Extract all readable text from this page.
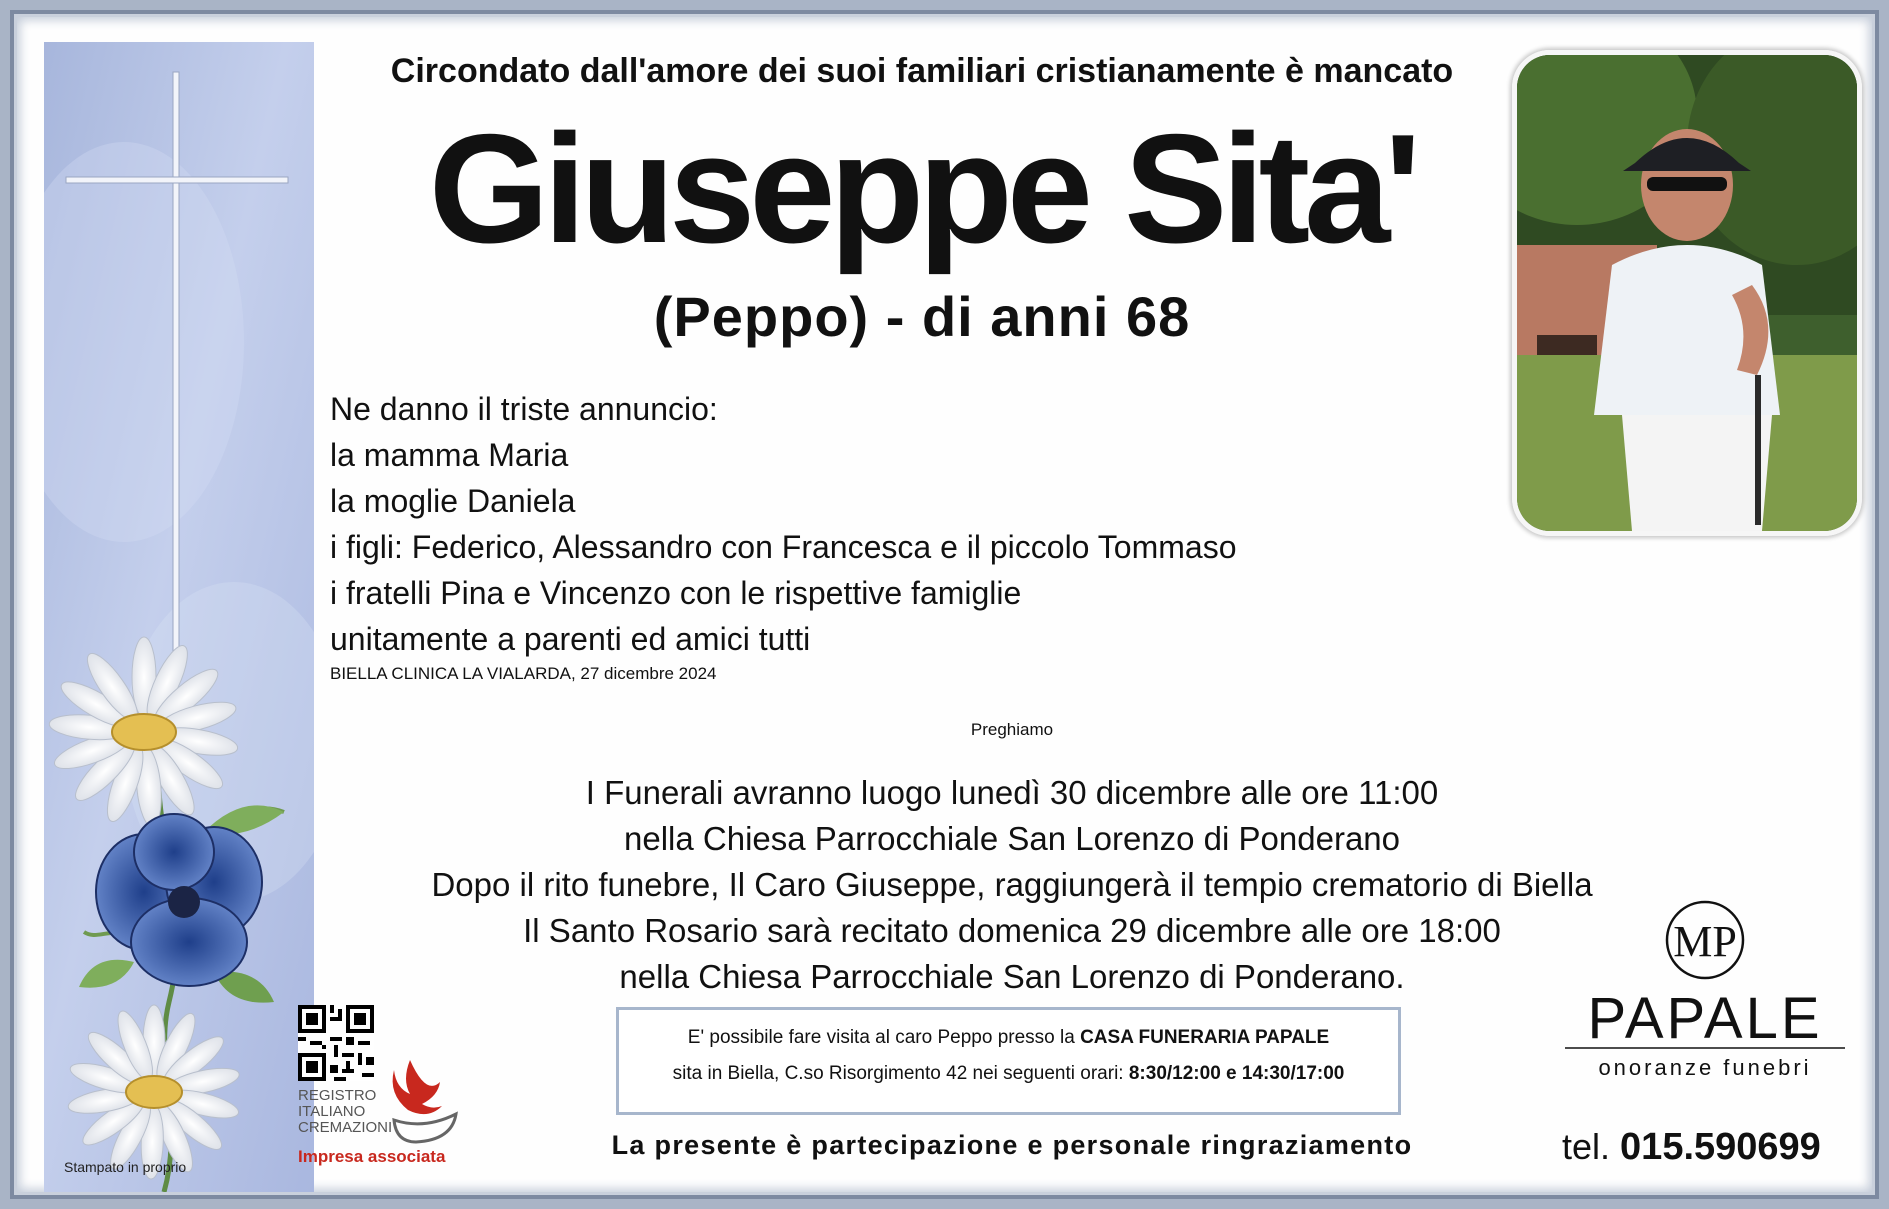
Stampato in proprio
Circondato dall'amore dei suoi familiari cristianamente è mancato
Giuseppe Sita'
(Peppo) - di anni 68
Ne danno il triste annuncio:
la mamma Maria
la moglie Daniela
i figli: Federico, Alessandro con Francesca e il piccolo Tommaso
i fratelli Pina e Vincenzo con le rispettive famiglie
unitamente a parenti ed amici tutti
BIELLA CLINICA LA VIALARDA, 27 dicembre 2024
Preghiamo
I Funerali avranno luogo lunedì 30 dicembre alle ore 11:00
nella Chiesa Parrocchiale San Lorenzo di Ponderano
Dopo il rito funebre, Il Caro Giuseppe, raggiungerà il tempio crematorio di Biella
Il Santo Rosario sarà recitato domenica 29 dicembre alle ore 18:00
nella Chiesa Parrocchiale San Lorenzo di Ponderano.
E' possibile fare visita al caro Peppo presso la CASA FUNERARIA PAPALE
sita in Biella, C.so Risorgimento 42 nei seguenti orari: 8:30/12:00 e 14:30/17:00
La presente è partecipazione e personale ringraziamento
MP
PAPALE
onoranze funebri
tel. 015.590699
REGISTRO
ITALIANO
CREMAZIONI
Impresa associata
